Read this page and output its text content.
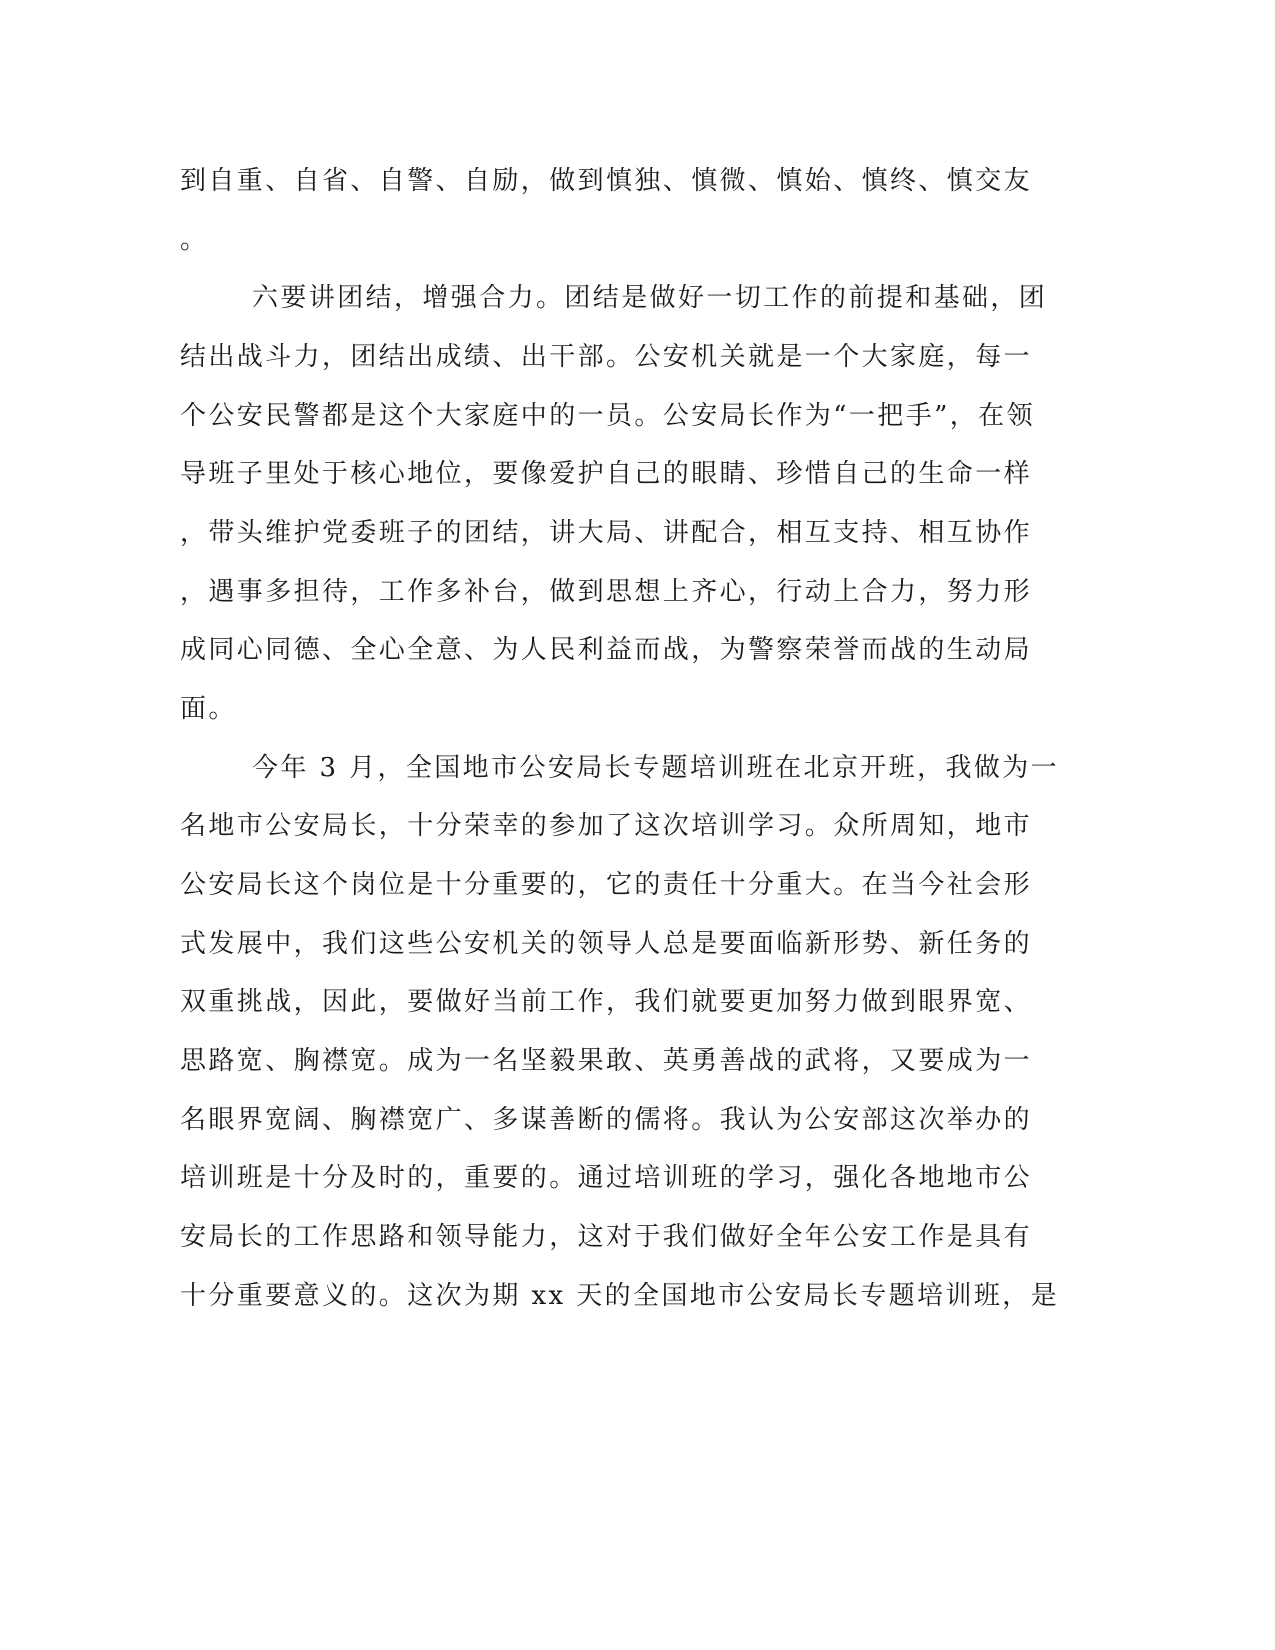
到自重、自省、自警、自励，做到慎独、慎微、慎始、慎终、慎交友
。
六要讲团结，增强合力。团结是做好一切工作的前提和基础，团
结出战斗力，团结出成绩、出干部。公安机关就是一个大家庭，每一
个公安民警都是这个大家庭中的一员。公安局长作为“一把手”，在领
导班子里处于核心地位，要像爱护自己的眼睛、珍惜自己的生命一样
，带头维护党委班子的团结，讲大局、讲配合，相互支持、相互协作
，遇事多担待，工作多补台，做到思想上齐心，行动上合力，努力形
成同心同德、全心全意、为人民利益而战，为警察荣誉而战的生动局
面。
今年 3 月，全国地市公安局长专题培训班在北京开班，我做为一
名地市公安局长，十分荣幸的参加了这次培训学习。众所周知，地市
公安局长这个岗位是十分重要的，它的责任十分重大。在当今社会形
式发展中，我们这些公安机关的领导人总是要面临新形势、新任务的
双重挑战，因此，要做好当前工作，我们就要更加努力做到眼界宽、
思路宽、胸襟宽。成为一名坚毅果敢、英勇善战的武将，又要成为一
名眼界宽阔、胸襟宽广、多谋善断的儒将。我认为公安部这次举办的
培训班是十分及时的，重要的。通过培训班的学习，强化各地地市公
安局长的工作思路和领导能力，这对于我们做好全年公安工作是具有
十分重要意义的。这次为期 xx 天的全国地市公安局长专题培训班，是
